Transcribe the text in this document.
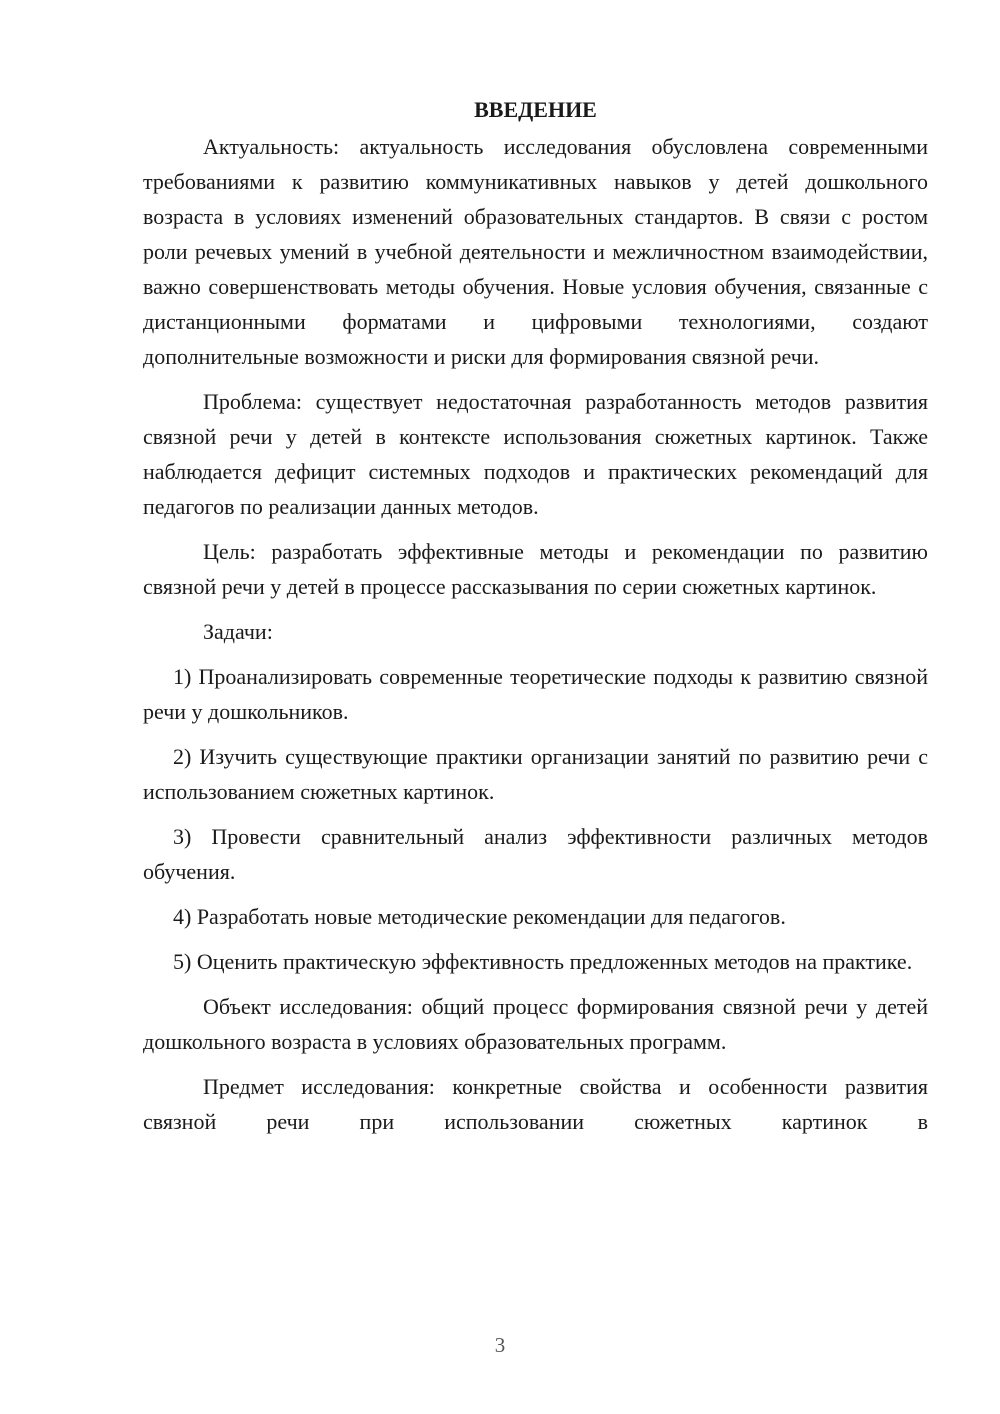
ВВЕДЕНИЕ

Актуальность: актуальность исследования обусловлена современными требованиями к развитию коммуникативных навыков у детей дошкольного возраста в условиях изменений образовательных стандартов. В связи с ростом роли речевых умений в учебной деятельности и межличностном взаимодействии, важно совершенствовать методы обучения. Новые условия обучения, связанные с дистанционными форматами и цифровыми технологиями, создают дополнительные возможности и риски для формирования связной речи.

Проблема: существует недостаточная разработанность методов развития связной речи у детей в контексте использования сюжетных картинок. Также наблюдается дефицит системных подходов и практических рекомендаций для педагогов по реализации данных методов.

Цель: разработать эффективные методы и рекомендации по развитию связной речи у детей в процессе рассказывания по серии сюжетных картинок.

Задачи:

1) Проанализировать современные теоретические подходы к развитию связной речи у дошкольников.

2) Изучить существующие практики организации занятий по развитию речи с использованием сюжетных картинок.

3) Провести сравнительный анализ эффективности различных методов обучения.

4) Разработать новые методические рекомендации для педагогов.

5) Оценить практическую эффективность предложенных методов на практике.

Объект исследования: общий процесс формирования связной речи у детей дошкольного возраста в условиях образовательных программ.

Предмет исследования: конкретные свойства и особенности развития связной речи при использовании сюжетных картинок в

3
